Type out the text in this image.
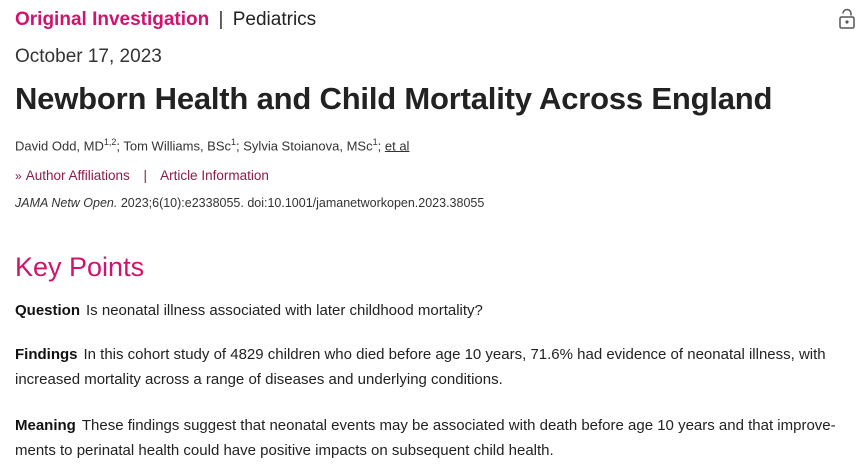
Original Investigation | Pediatrics
October 17, 2023
Newborn Health and Child Mortality Across England
David Odd, MD$^{1,2}$; Tom Williams, BSc$^1$; Sylvia Stoianova, MSc$^1$; et al
» Author Affiliations | Article Information
JAMA Netw Open. 2023;6(10):e2338055. doi:10.1001/jamanetworkopen.2023.38055
Key Points
Question Is neonatal illness associated with later childhood mortality?
Findings In this cohort study of 4829 children who died before age 10 years, 71.6% had evidence of neonatal illness, with increased mortality across a range of diseases and underlying conditions.
Meaning These findings suggest that neonatal events may be associated with death before age 10 years and that improve-ments to perinatal health could have positive impacts on subsequent child health.
